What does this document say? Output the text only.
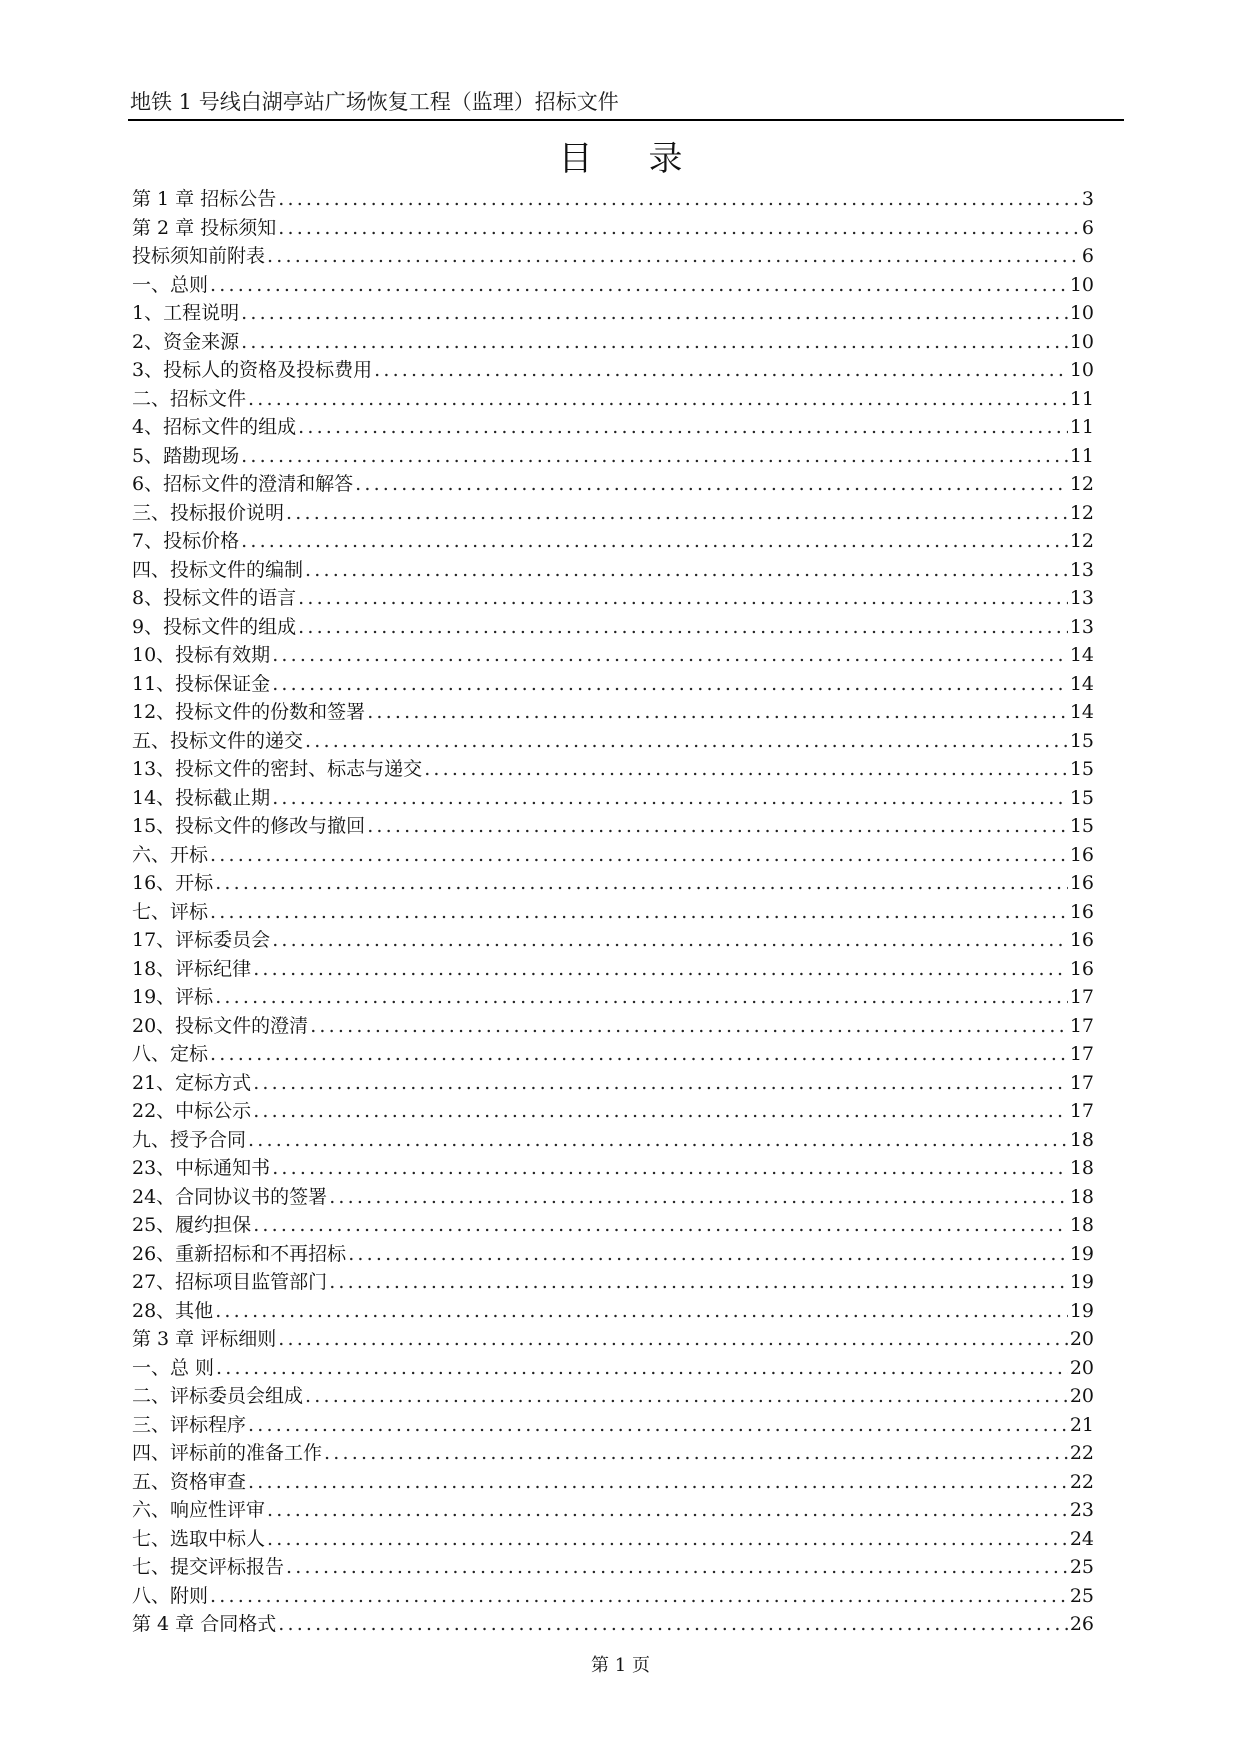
地铁 1 号线白湖亭站广场恢复工程（监理）招标文件
目录
第 1 章 招标公告 .....	3
第 2 章 投标须知 .....	6
投标须知前附表 .....	6
一、总则 .....	10
1、工程说明 .....	10
2、资金来源 .....	10
3、投标人的资格及投标费用 .....	10
二、招标文件 .....	11
4、招标文件的组成 .....	11
5、踏勘现场 .....	11
6、招标文件的澄清和解答 .....	12
三、投标报价说明 .....	12
7、投标价格 .....	12
四、投标文件的编制 .....	13
8、投标文件的语言 .....	13
9、投标文件的组成 .....	13
10、投标有效期 .....	14
11、投标保证金 .....	14
12、投标文件的份数和签署 .....	14
五、投标文件的递交 .....	15
13、投标文件的密封、标志与递交 .....	15
14、投标截止期 .....	15
15、投标文件的修改与撤回 .....	15
六、开标 .....	16
16、开标 .....	16
七、评标 .....	16
17、评标委员会 .....	16
18、评标纪律 .....	16
19、评标 .....	17
20、投标文件的澄清 .....	17
八、定标 .....	17
21、定标方式 .....	17
22、中标公示 .....	17
九、授予合同 .....	18
23、中标通知书 .....	18
24、合同协议书的签署 .....	18
25、履约担保 .....	18
26、重新招标和不再招标 .....	19
27、招标项目监管部门 .....	19
28、其他 .....	19
第 3 章 评标细则 .....	20
一、总 则 .....	20
二、评标委员会组成 .....	20
三、评标程序 .....	21
四、评标前的准备工作 .....	22
五、资格审查 .....	22
六、响应性评审 .....	23
七、选取中标人 .....	24
七、提交评标报告 .....	25
八、附则 .....	25
第 4 章 合同格式 .....	26
第 1 页
